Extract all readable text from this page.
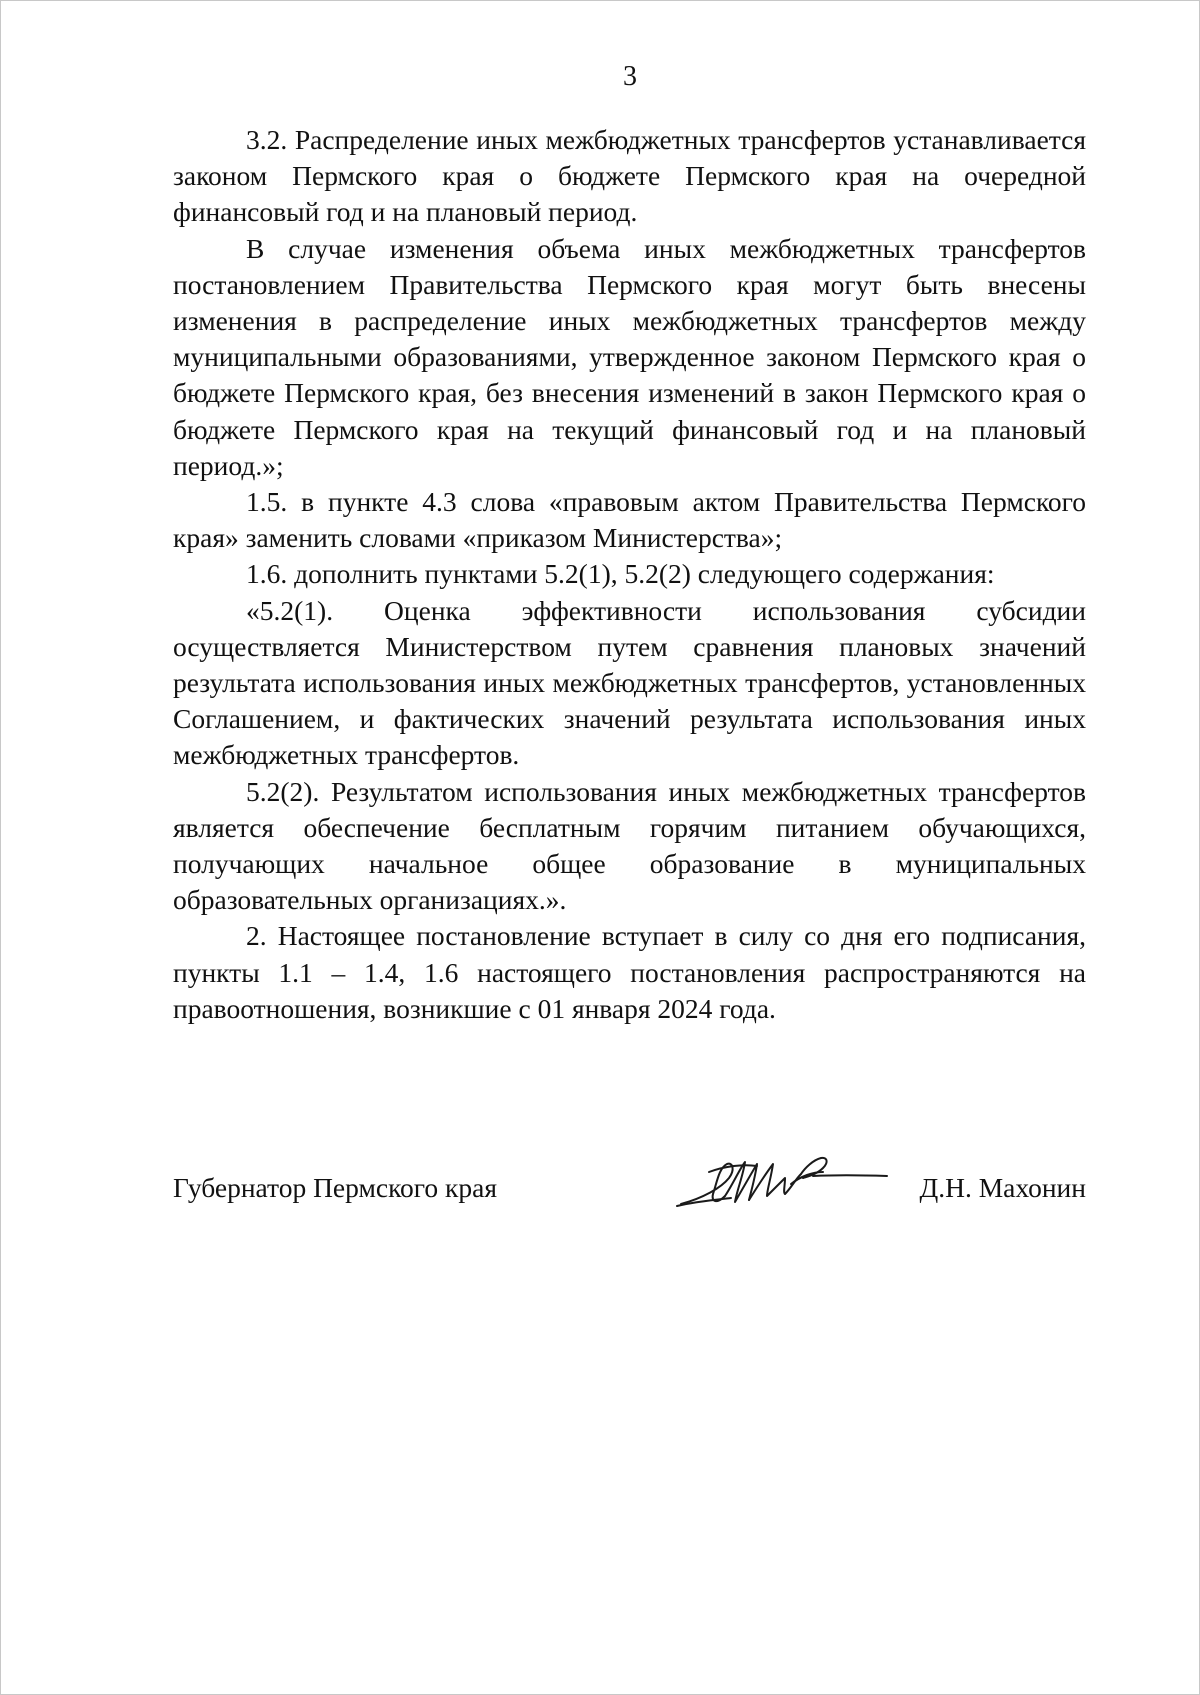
3

3.2. Распределение иных межбюджетных трансфертов устанавливается законом Пермского края о бюджете Пермского края на очередной финансовый год и на плановый период.

В случае изменения объема иных межбюджетных трансфертов постановлением Правительства Пермского края могут быть внесены изменения в распределение иных межбюджетных трансфертов между муниципальными образованиями, утвержденное законом Пермского края о бюджете Пермского края, без внесения изменений в закон Пермского края о бюджете Пермского края на текущий финансовый год и на плановый период.»;

1.5. в пункте 4.3 слова «правовым актом Правительства Пермского края» заменить словами «приказом Министерства»;

1.6. дополнить пунктами 5.2(1), 5.2(2) следующего содержания:

«5.2(1). Оценка эффективности использования субсидии осуществляется Министерством путем сравнения плановых значений результата использования иных межбюджетных трансфертов, установленных Соглашением, и фактических значений результата использования иных межбюджетных трансфертов.

5.2(2). Результатом использования иных межбюджетных трансфертов является обеспечение бесплатным горячим питанием обучающихся, получающих начальное общее образование в муниципальных образовательных организациях.».

2. Настоящее постановление вступает в силу со дня его подписания, пункты 1.1 – 1.4, 1.6 настоящего постановления распространяются на правоотношения, возникшие с 01 января 2024 года.

Губернатор Пермского края	Д.Н. Махонин
